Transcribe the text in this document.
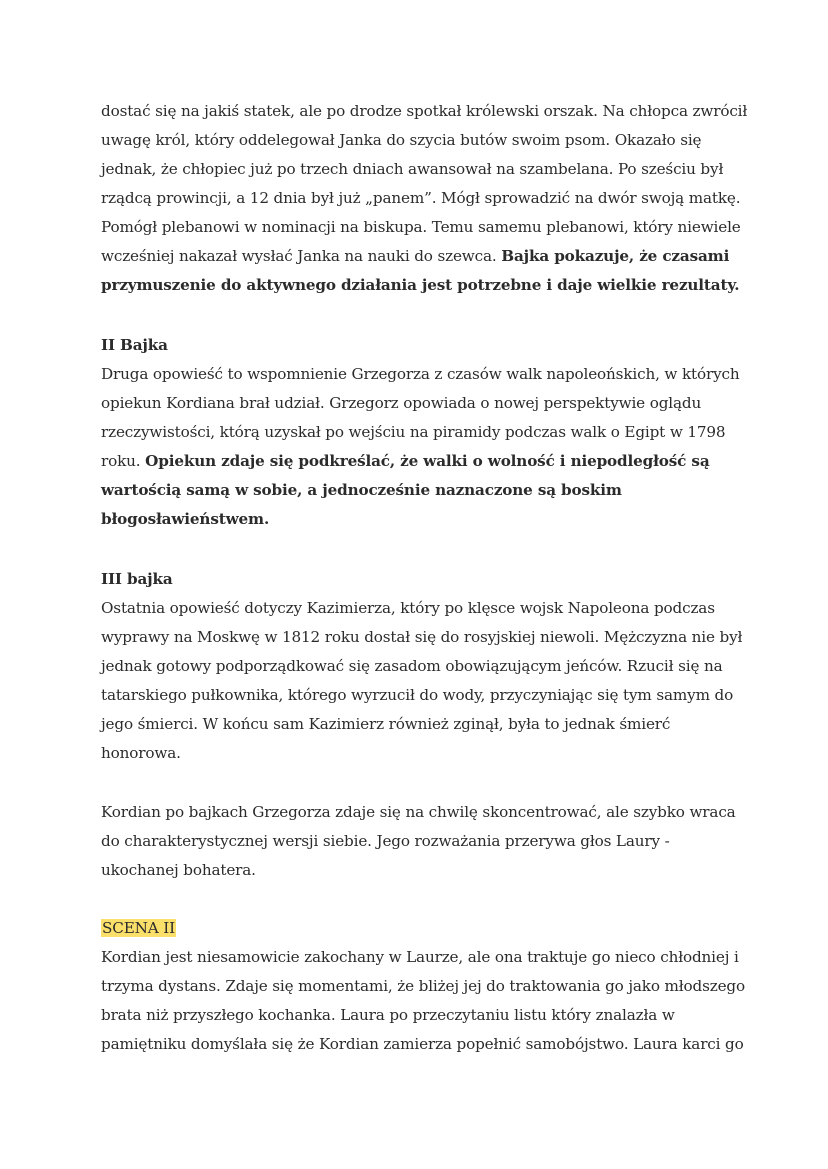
dostać się na jakiś statek, ale po drodze spotkał królewski orszak. Na chłopca zwrócił
uwagę król, który oddelegował Janka do szycia butów swoim psom. Okazało się
jednak, że chłopiec już po trzech dniach awansował na szambelana. Po sześciu był
rządcą prowincji, a 12 dnia był już „panem”. Mógł sprowadzić na dwór swoją matkę.
Pomógł plebanowi w nominacji na biskupa. Temu samemu plebanowi, który niewiele
wcześniej nakazał wysłać Janka na nauki do szewca. Bajka pokazuje, że czasami
przymuszenie do aktywnego działania jest potrzebne i daje wielkie rezultaty.
II Bajka
Druga opowieść to wspomnienie Grzegorza z czasów walk napoleońskich, w których
opiekun Kordiana brał udział. Grzegorz opowiada o nowej perspektywie oglądu
rzeczywistości, którą uzyskał po wejściu na piramidy podczas walk o Egipt w 1798
roku. Opiekun zdaje się podkreślać, że walki o wolność i niepodległość są
wartością samą w sobie, a jednocześnie naznaczone są boskim
błogosławieństwem.
III bajka
Ostatnia opowieść dotyczy Kazimierza, który po klęsce wojsk Napoleona podczas
wyprawy na Moskwę w 1812 roku dostał się do rosyjskiej niewoli. Mężczyzna nie był
jednak gotowy podporządkować się zasadom obowiązującym jeńców. Rzucił się na
tatarskiego pułkownika, którego wyrzucił do wody, przyczyniając się tym samym do
jego śmierci. W końcu sam Kazimierz również zginął, była to jednak śmierć
honorowa.
Kordian po bajkach Grzegorza zdaje się na chwilę skoncentrować, ale szybko wraca
do charakterystycznej wersji siebie. Jego rozważania przerywa głos Laury -
ukochanej bohatera.
SCENA II
Kordian jest niesamowicie zakochany w Laurze, ale ona traktuje go nieco chłodniej i
trzyma dystans. Zdaje się momentami, że bliżej jej do traktowania go jako młodszego
brata niż przyszłego kochanka. Laura po przeczytaniu listu który znalazła w
pamiętniku domyślała się że Kordian zamierza popełnić samobójstwo. Laura karci go
